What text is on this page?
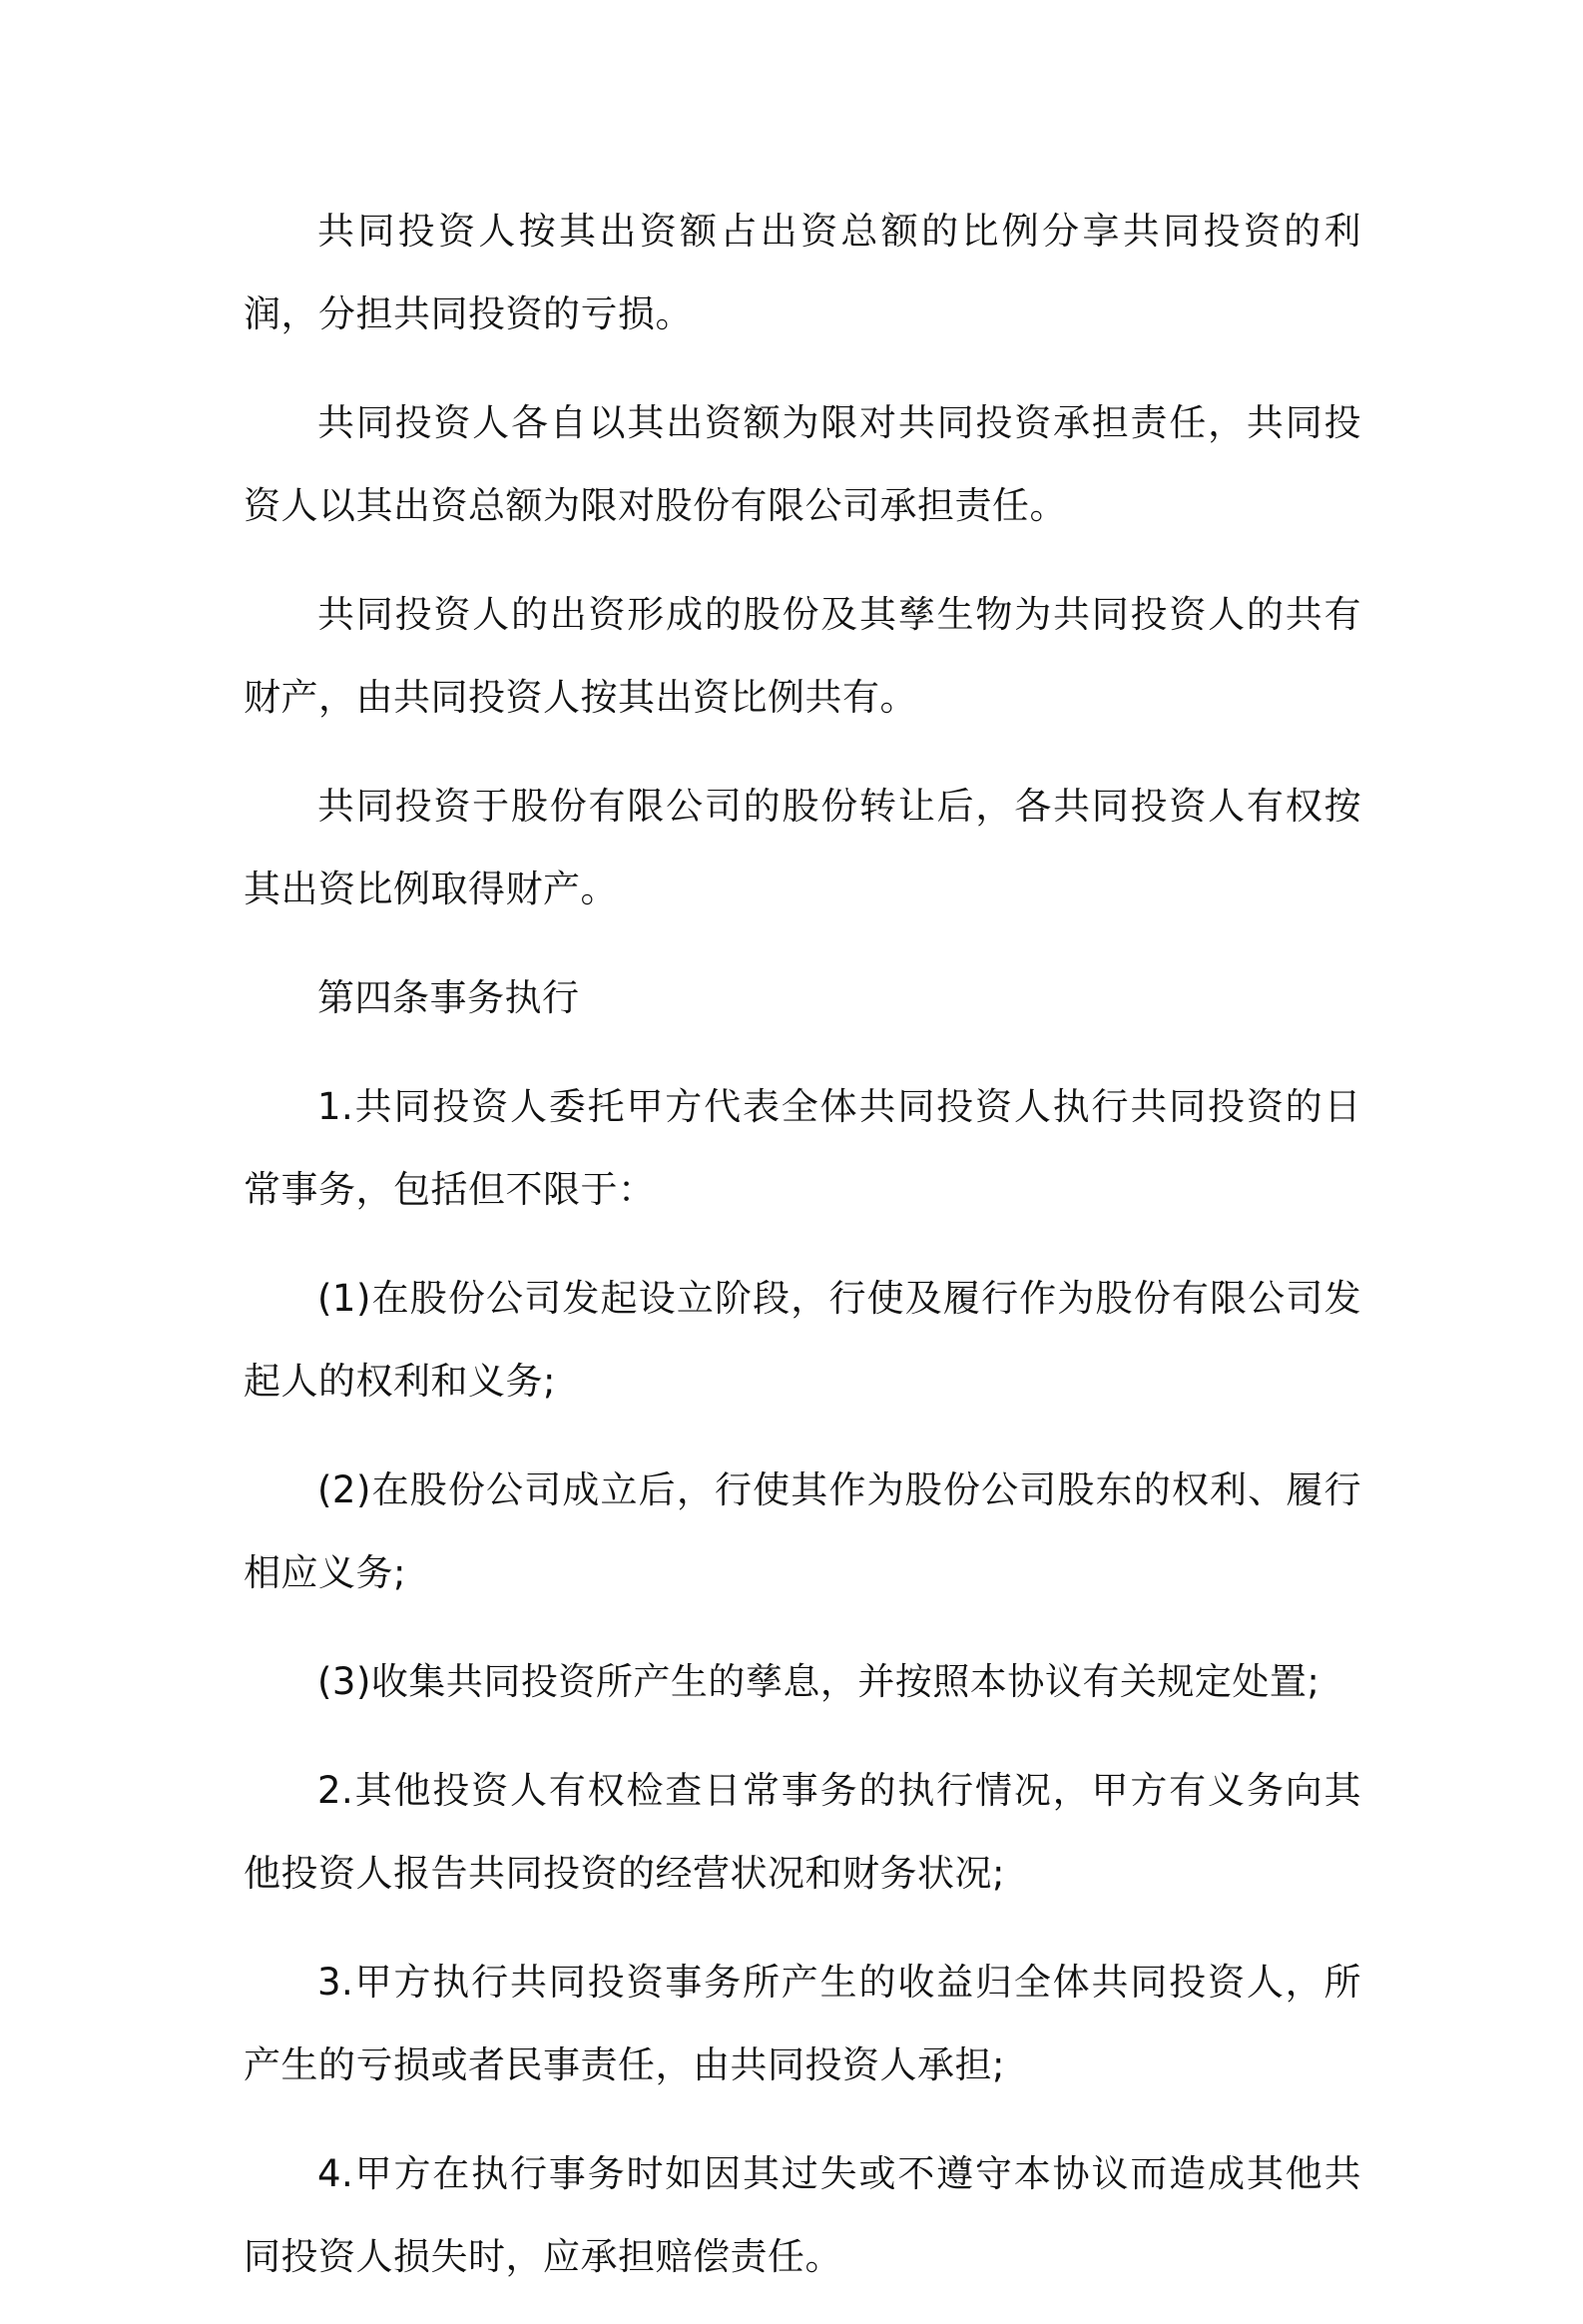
共同投资人按其出资额占出资总额的比例分享共同投资的利润，分担共同投资的亏损。

共同投资人各自以其出资额为限对共同投资承担责任，共同投资人以其出资总额为限对股份有限公司承担责任。

共同投资人的出资形成的股份及其孳生物为共同投资人的共有财产，由共同投资人按其出资比例共有。

共同投资于股份有限公司的股份转让后，各共同投资人有权按其出资比例取得财产。

第四条事务执行

1.共同投资人委托甲方代表全体共同投资人执行共同投资的日常事务，包括但不限于：

(1)在股份公司发起设立阶段，行使及履行作为股份有限公司发起人的权利和义务;

(2)在股份公司成立后，行使其作为股份公司股东的权利、履行相应义务;

(3)收集共同投资所产生的孳息，并按照本协议有关规定处置;

2.其他投资人有权检查日常事务的执行情况，甲方有义务向其他投资人报告共同投资的经营状况和财务状况;

3.甲方执行共同投资事务所产生的收益归全体共同投资人，所产生的亏损或者民事责任，由共同投资人承担;

4.甲方在执行事务时如因其过失或不遵守本协议而造成其他共同投资人损失时，应承担赔偿责任。
